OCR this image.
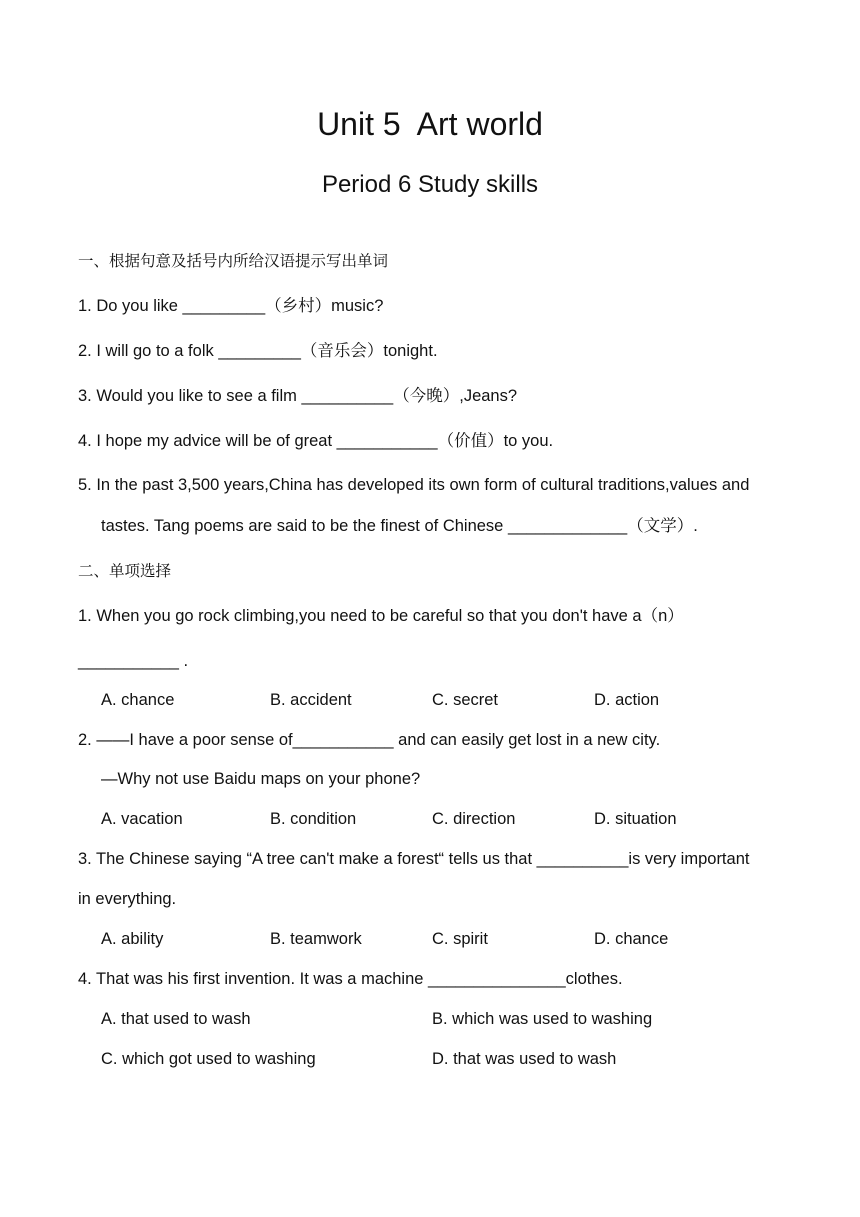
Unit 5  Art world
Period 6 Study skills
一、根据句意及括号内所给汉语提示写出单词
1. Do you like _________（乡村）music?
2. I will go to a folk _________（音乐会）tonight.
3. Would you like to see a film __________（今晚）,Jeans?
4. I hope my advice will be of great ___________（价值）to you.
5. In the past 3,500 years,China has developed its own form of cultural traditions,values and
tastes. Tang poems are said to be the finest of Chinese _____________（文学）.
二、单项选择
1. When you go rock climbing,you need to be careful so that you don't have a（n）
___________ .
A. chance	B. accident	C. secret	D. action
2. ——I have a poor sense of___________ and can easily get lost in a new city.
—Why not use Baidu maps on your phone?
A. vacation	B. condition	C. direction	D. situation
3. The Chinese saying “A tree can't make a forest“ tells us that __________is very important
in everything.
A. ability	B. teamwork	C. spirit	D. chance
4. That was his first invention. It was a machine _______________clothes.
A. that used to wash	B. which was used to washing
C. which got used to washing	D. that was used to wash
